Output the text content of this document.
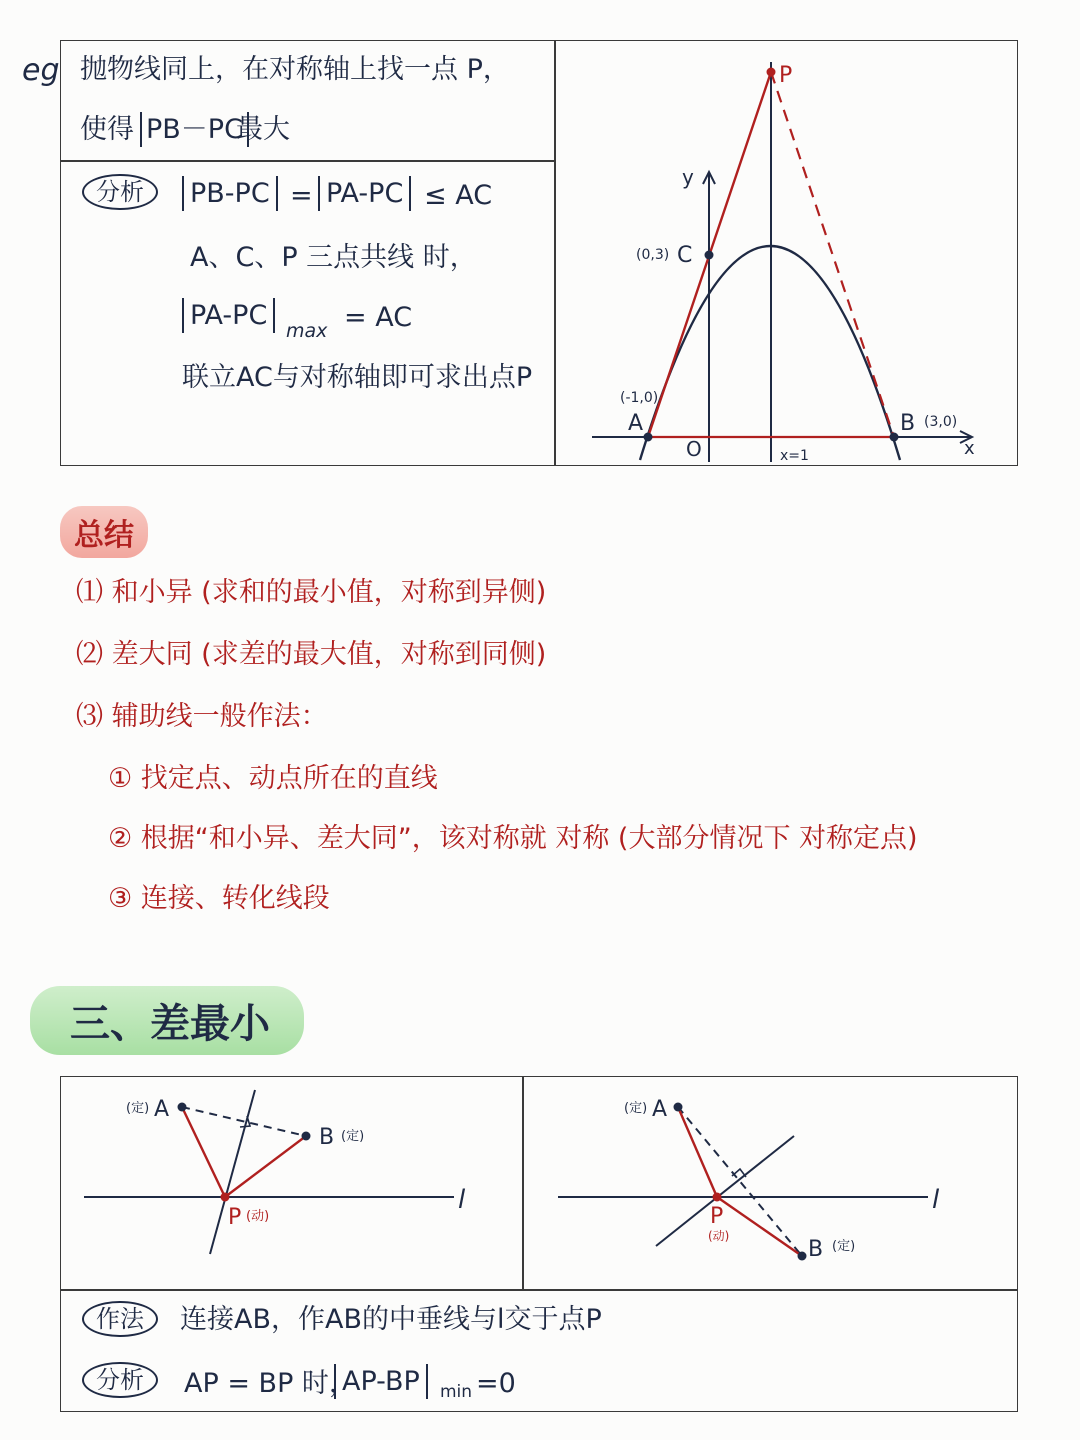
eg 抛物线同上，在对称轴上找一点 P，
使得 PB－PC
最大
分析	PB-PC = PA-PC ≤ AC
A、C、P 三点共线 时，
PA-PC max = AC
联立AC与对称轴即可求出点P
P
y
(0,3) C
(-1,0)
A	B (3,0)
O	x
x=1
总结
⑴ 和小异 (求和的最小值，对称到异侧)
⑵ 差大同 (求差的最大值，对称到同侧)
⑶ 辅助线一般作法：
① 找定点、动点所在的直线
② 根据“和小异、差大同”，该对称就 对称 (大部分情况下 对称定点)
③ 连接、转化线段
三、差最小
(定) A
B (定)
P (动)
l
(定) A
B (定)
P
(动)
l
作法	连接AB，作AB的中垂线与l交于点P
分析	AP = BP 时，
AP-BP	min =0
